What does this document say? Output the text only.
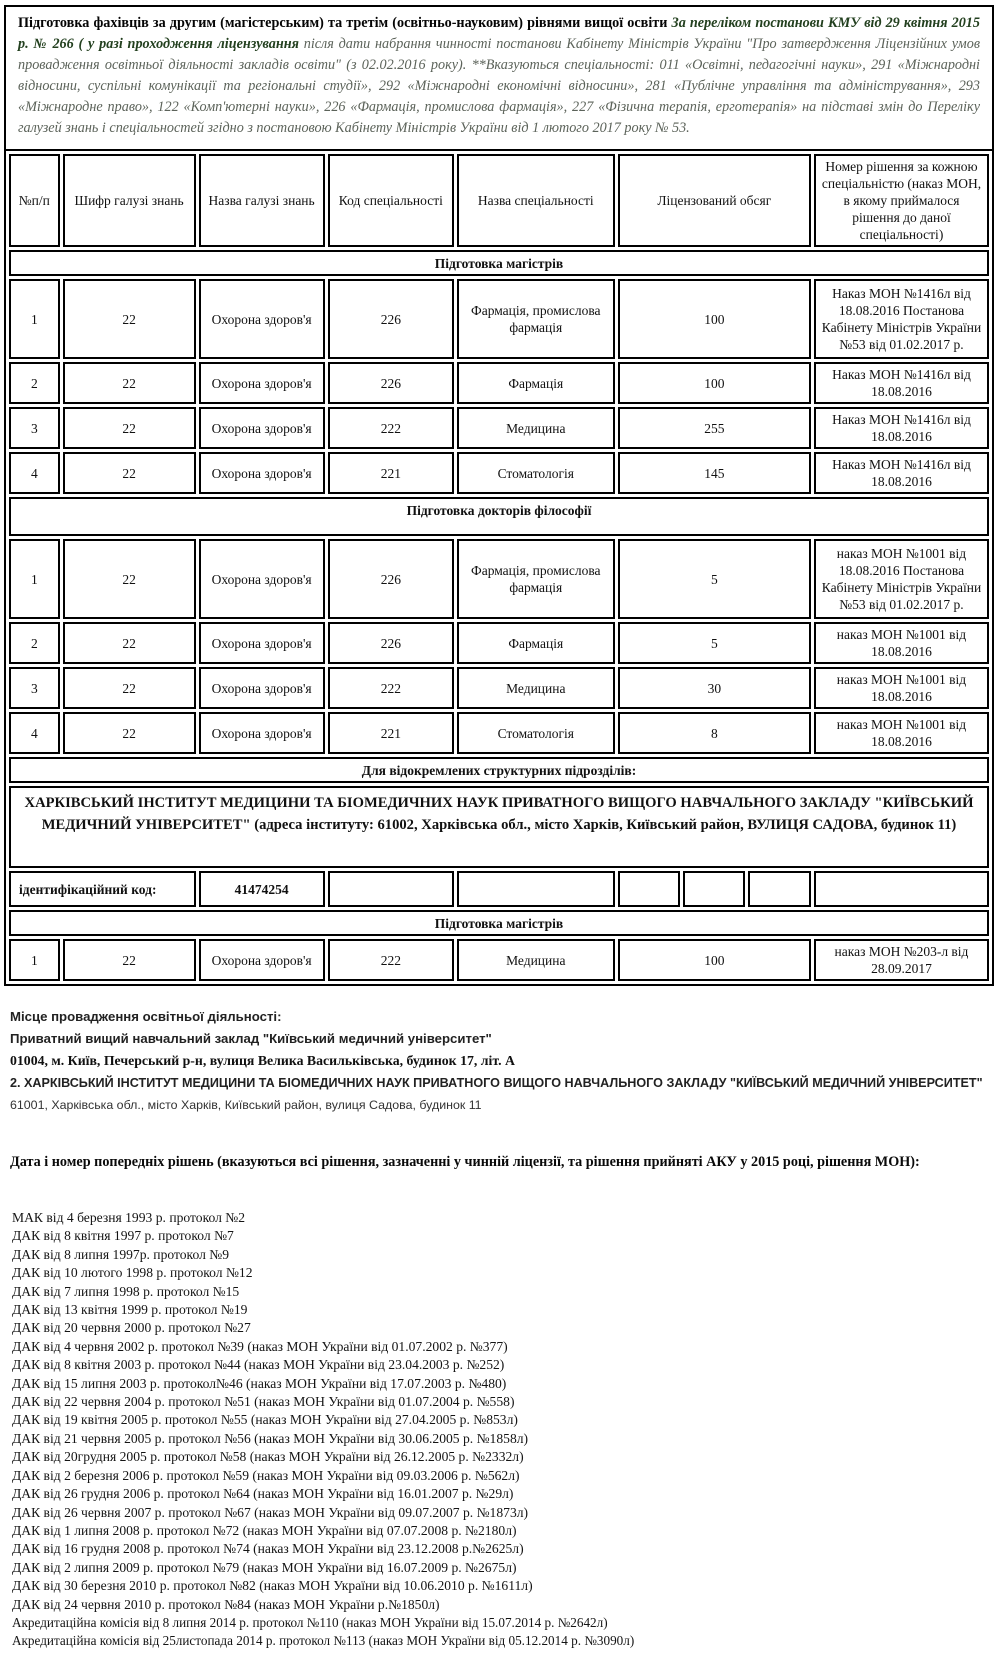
Підготовка фахівців за другим (магістерським) та третім (освітньо-науковим) рівнями вищої освіти За переліком постанови КМУ від 29 квітня 2015 р. № 266 ( у разі проходження ліцензування після дати набрання чинності постанови Кабінету Міністрів України "Про затвердження Ліцензійних умов провадження освітньої діяльності закладів освіти" (з 02.02.2016 року). **Вказуються спеціальності: 011 «Освітні, педагогічні науки», 291 «Міжнародні відносини, суспільні комунікації та регіональні студії», 292 «Міжнародні економічні відносини», 281 «Публічне управління та адміністрування», 293 «Міжнародне право», 122 «Комп'ютерні науки», 226 «Фармація, промислова фармація», 227 «Фізична терапія, ерготерапія» на підставі змін до Переліку галузей знань і спеціальностей згідно з постановою Кабінету Міністрів України від 1 лютого 2017 року № 53.
№п/п	Шифр галузі знань	Назва галузі знань	Код спеціальності	Назва спеціальності	Ліцензований обсяг			Номер рішення за кожною спеціальністю (наказ МОН, в якому приймалося рішення до даної спеціальності)
Підготовка магістрів								
1	22	Охорона здоров'я	226	Фармація, промислова фармація	100			Наказ МОН №1416л від 18.08.2016 Постанова Кабінету Міністрів України №53 від 01.02.2017 р.
2	22	Охорона здоров'я	226	Фармація	100			Наказ МОН №1416л від 18.08.2016
3	22	Охорона здоров'я	222	Медицина	255			Наказ МОН №1416л від 18.08.2016
4	22	Охорона здоров'я	221	Стоматологія	145			Наказ МОН №1416л від 18.08.2016
Підготовка докторів філософії								
1	22	Охорона здоров'я	226	Фармація, промислова фармація	5			наказ МОН №1001 від 18.08.2016 Постанова Кабінету Міністрів України №53 від 01.02.2017 р.
2	22	Охорона здоров'я	226	Фармація	5			наказ МОН №1001 від 18.08.2016
3	22	Охорона здоров'я	222	Медицина	30			наказ МОН №1001 від 18.08.2016
4	22	Охорона здоров'я	221	Стоматологія	8			наказ МОН №1001 від 18.08.2016
Для відокремлених структурних підрозділів:								
ХАРКІВСЬКИЙ ІНСТИТУТ МЕДИЦИНИ ТА БІОМЕДИЧНИХ НАУК ПРИВАТНОГО ВИЩОГО НАВЧАЛЬНОГО ЗАКЛАДУ "КИЇВСЬКИЙ МЕДИЧНИЙ УНІВЕРСИТЕТ" (адреса інституту: 61002, Харківська обл., місто Харків, Київський район, ВУЛИЦЯ САДОВА, будинок 11)								
ідентифікаційний код:		41474254						
Підготовка магістрів								
1	22	Охорона здоров'я	222	Медицина	100			наказ МОН №203-л від 28.09.2017
Місце провадження освітньої діяльності:
Приватний вищий навчальний заклад "Київський медичний університет"
01004, м. Київ, Печерський р-н, вулиця Велика Васильківська, будинок 17, літ. А
2. ХАРКІВСЬКИЙ ІНСТИТУТ МЕДИЦИНИ ТА БІОМЕДИЧНИХ НАУК ПРИВАТНОГО ВИЩОГО НАВЧАЛЬНОГО ЗАКЛАДУ "КИЇВСЬКИЙ МЕДИЧНИЙ УНІВЕРСИТЕТ"
61001, Харківська обл., місто Харків, Київський район, вулиця Садова, будинок 11
Дата і номер попередніх рішень (вказуються всі рішення, зазначенні у чинній ліцензії, та рішення прийняті АКУ у 2015 році, рішення МОН):
МАК від 4 березня 1993 р. протокол №2
ДАК від 8 квітня 1997 р. протокол №7
ДАК від 8 липня 1997р. протокол №9
ДАК від 10 лютого 1998 р. протокол №12
ДАК від 7 липня 1998 р. протокол №15
ДАК від 13 квітня 1999 р. протокол №19
ДАК від 20 червня 2000 р. протокол №27
ДАК від 4 червня 2002 р. протокол №39 (наказ МОН України від 01.07.2002 р. №377)
ДАК від 8 квітня 2003 р. протокол №44 (наказ МОН України від 23.04.2003 р. №252)
ДАК від 15 липня 2003 р. протокол№46 (наказ МОН України від 17.07.2003 р. №480)
ДАК від 22 червня 2004 р. протокол №51 (наказ МОН України від 01.07.2004 р. №558)
ДАК від 19 квітня 2005 р. протокол №55 (наказ МОН України від 27.04.2005 р. №853л)
ДАК від 21 червня 2005 р. протокол №56 (наказ МОН України від 30.06.2005 р. №1858л)
ДАК від 20грудня 2005 р. протокол №58 (наказ МОН України від 26.12.2005 р. №2332л)
ДАК від 2 березня 2006 р. протокол №59 (наказ МОН України від 09.03.2006 р. №562л)
ДАК від 26 грудня 2006 р. протокол №64 (наказ МОН України від 16.01.2007 р. №29л)
ДАК від 26 червня 2007 р. протокол №67 (наказ МОН України від 09.07.2007 р. №1873л)
ДАК від 1 липня 2008 р. протокол №72 (наказ МОН України від 07.07.2008 р. №2180л)
ДАК від 16 грудня 2008 р. протокол №74 (наказ МОН України від 23.12.2008 р.№2625л)
ДАК від 2 липня 2009 р. протокол №79 (наказ МОН України від 16.07.2009 р. №2675л)
ДАК від 30 березня 2010 р. протокол №82 (наказ МОН України від 10.06.2010 р. №1611л)
ДАК від 24 червня 2010 р. протокол №84 (наказ МОН України р.№1850л)
Акредитаційна комісія від 8 липня 2014 р. протокол №110 (наказ МОН України від 15.07.2014 р. №2642л)
Акредитаційна комісія від 25листопада 2014 р. протокол №113 (наказ МОН України від 05.12.2014 р. №3090л)
